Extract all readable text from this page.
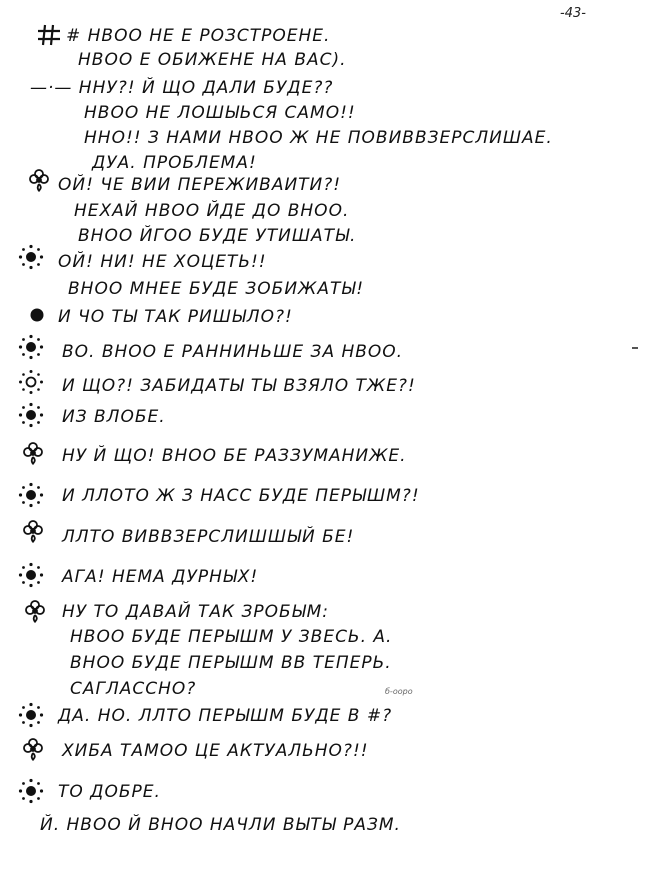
-43-
# НВОО НЕ Е РОЗСТРОЕНЕ.
НВОО Е ОБИЖЕНЕ НА ВАС).
—·— ННУ?! Й ЩО ДАЛИ БУДЕ??
НВОО НЕ ЛОШЫЬСЯ САМО!!
ННО!! З НАМИ НВОО Ж НЕ ПОВИВВЗЕРСЛИШАЕ.
ДУА. ПРОБЛЕМА!
ОЙ! ЧЕ ВИИ ПЕРЕЖИВАИТИ?!
НЕХАЙ НВОО ЙДЕ ДО ВНОО.
ВНОО ЙГОО БУДЕ УТИШАТЫ.
ОЙ! НИ! НЕ ХОЦЕТЬ!!
ВНОО МНЕЕ БУДЕ ЗОБИЖАТЫ!
И ЧО ТЫ ТАК РИШЫЛО?!
ВО. ВНОО Е РАННИНЬШЕ ЗА НВОО.
И ЩО?! ЗАБИДАТЫ ТЫ ВЗЯЛО ТЖЕ?!
ИЗ ВЛОБЕ.
НУ Й ЩО! ВНОО БЕ РАЗЗУМАНИЖЕ.
И ЛЛОТО Ж З НАСС БУДЕ ПЕРЫШМ?!
ЛЛТО ВИВВЗЕРСЛИШШЫЙ БЕ!
АГА! НЕМА ДУРНЫХ!
НУ ТО ДАВАЙ ТАК ЗРОБЫМ:
НВОО БУДЕ ПЕРЫШМ У ЗВЕСЬ. А.
ВНОО БУДЕ ПЕРЫШМ ВВ ТЕПЕРЬ.
САГЛАССНО?
ДА. НО. ЛЛТО ПЕРЫШМ БУДЕ В #?
ХИБА ТАМОО ЦЕ АКТУАЛЬНО?!!
ТО ДОБРЕ.
Й. НВОО Й ВНОО НАЧЛИ ВЫТЫ РАЗМ.
б-ооро
